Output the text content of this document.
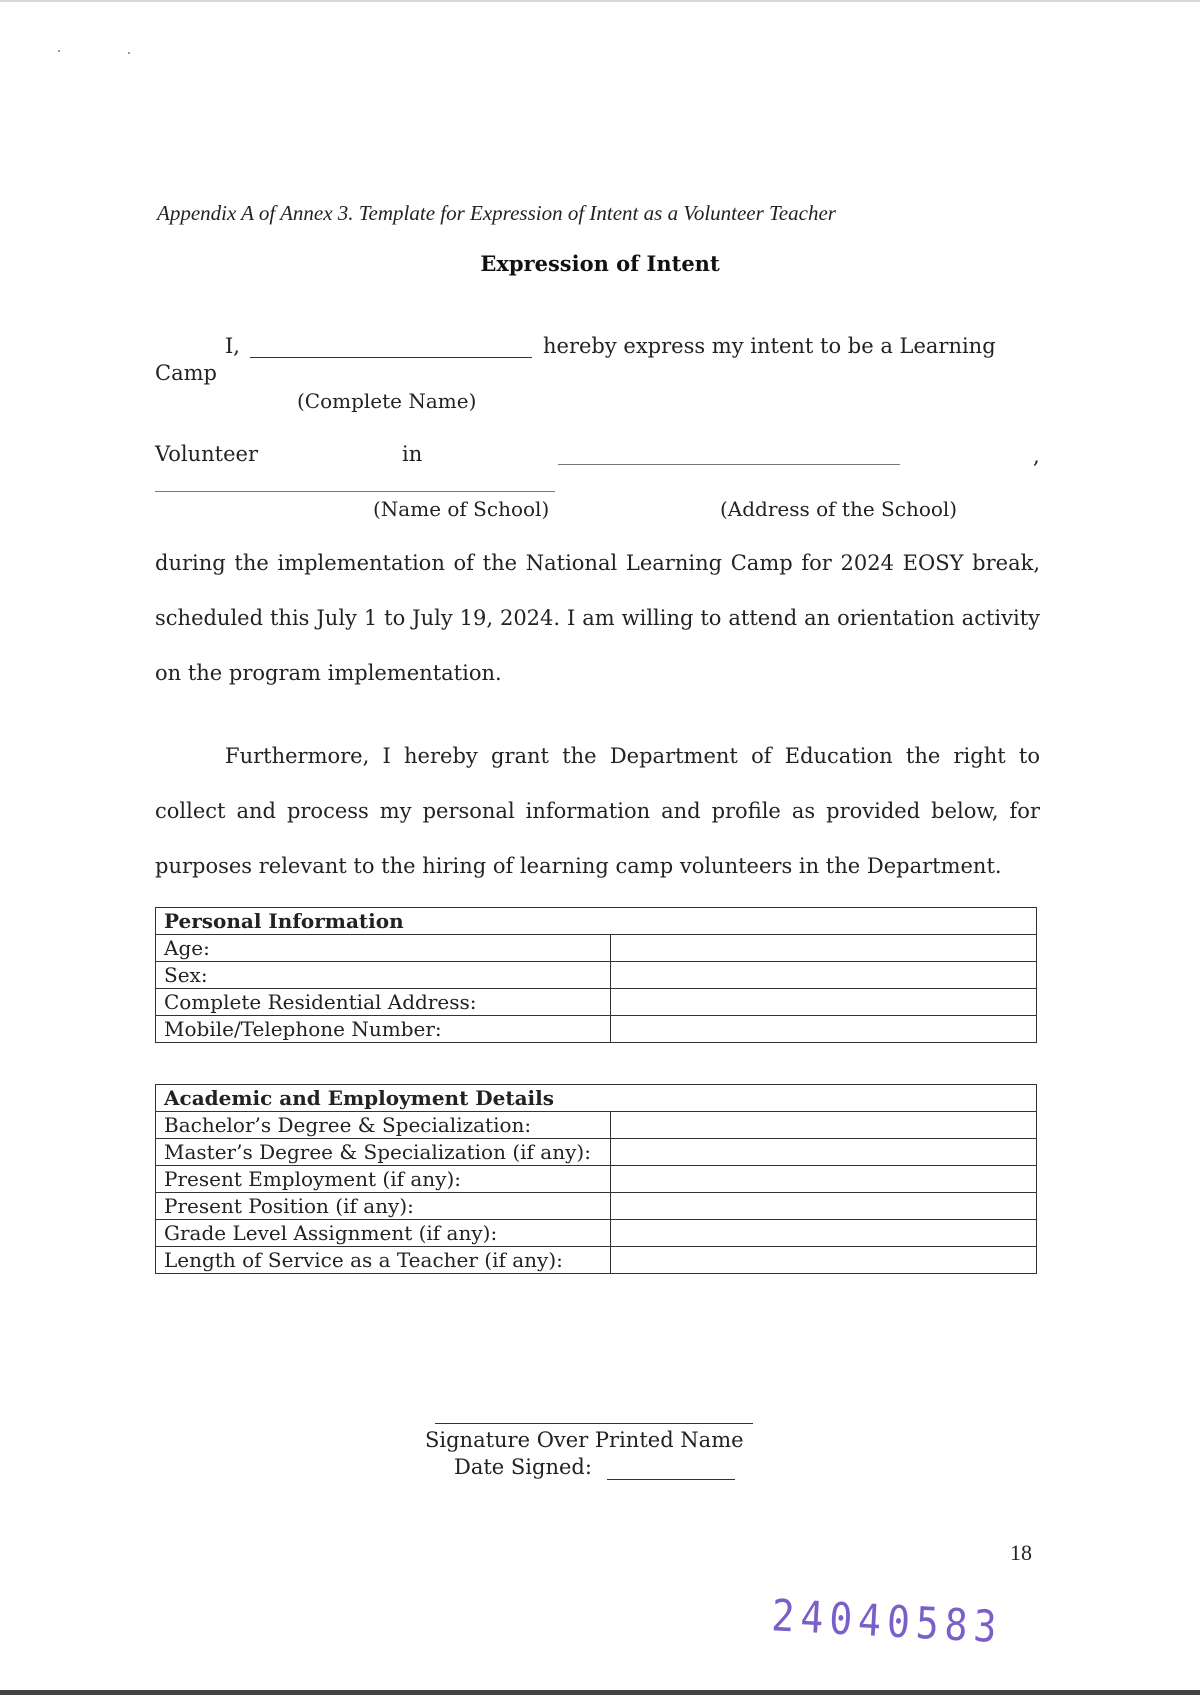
Appendix A of Annex 3. Template for Expression of Intent as a Volunteer Teacher
Expression of Intent
I,	hereby express my intent to be a Learning
Camp
(Complete Name)
Volunteer	in	,
(Name of School)	(Address of the School)
during the implementation of the National Learning Camp for 2024 EOSY break, scheduled this July 1 to July 19, 2024. I am willing to attend an orientation activity on the program implementation.
Furthermore, I hereby grant the Department of Education the right to collect and process my personal information and profile as provided below, for purposes relevant to the hiring of learning camp volunteers in the Department.
Personal Information	
Age:	
Sex:	
Complete Residential Address:	
Mobile/Telephone Number:	
Academic and Employment Details	
Bachelor’s Degree & Specialization:	
Master’s Degree & Specialization (if any):	
Present Employment (if any):	
Present Position (if any):	
Grade Level Assignment (if any):	
Length of Service as a Teacher (if any):	
Signature Over Printed Name
Date Signed:
18
24040583
